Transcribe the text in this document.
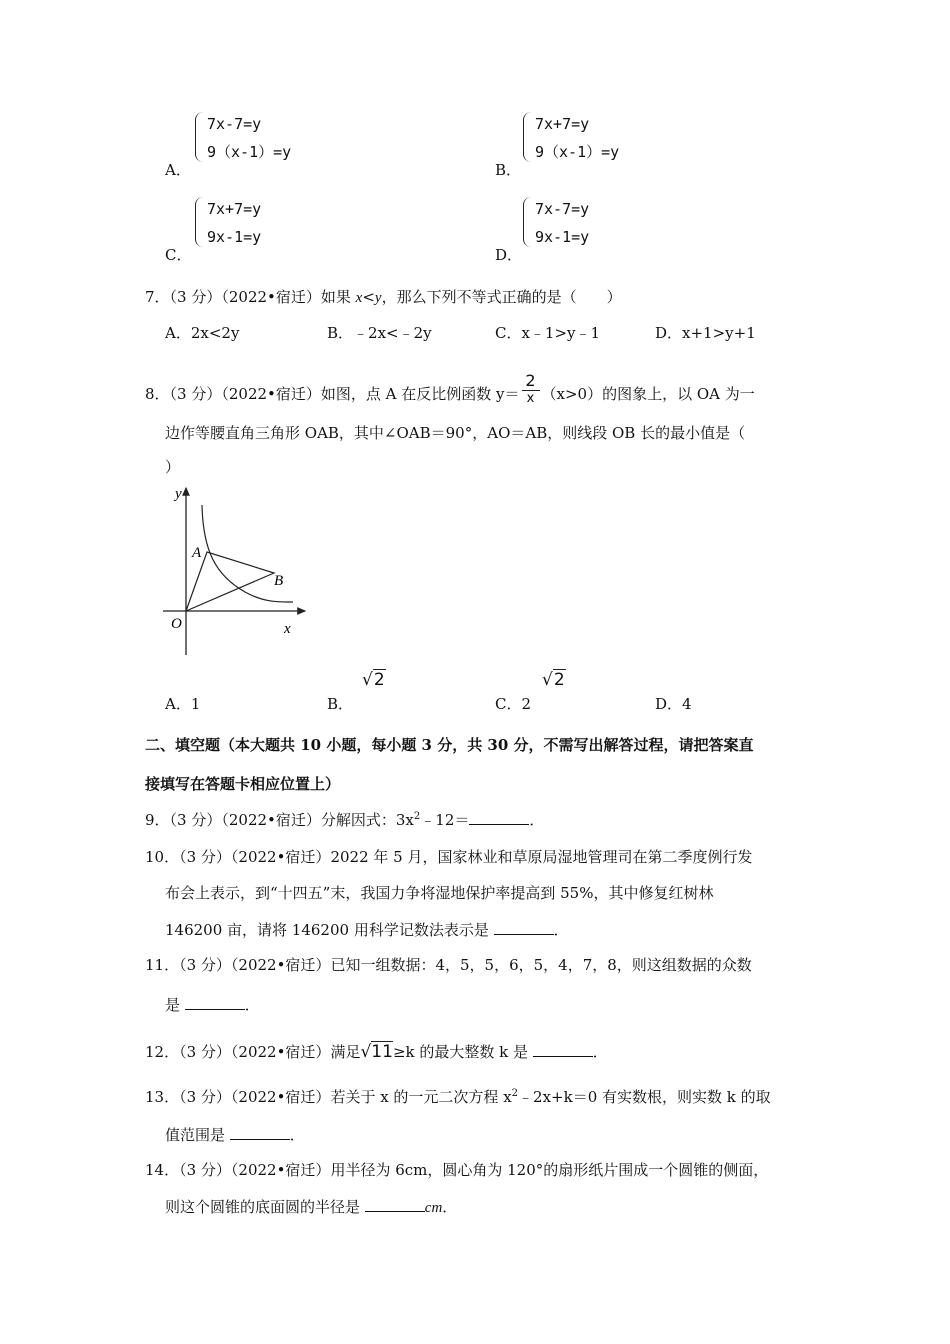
7x-7=y
9（x-1）=y
A．
7x+7=y
9（x-1）=y
B．
7x+7=y
9x-1=y
C．
7x-7=y
9x-1=y
D．
7．（3 分）（2022•宿迁）如果 x<y，那么下列不等式正确的是（　　）
A．2x<2y	B．﹣2x<﹣2y	C．x﹣1>y﹣1	D．x+1>y+1
8．（3 分）（2022•宿迁）如图，点 A 在反比例函数 $y= \frac{2}{x} (x>0)$的图象上，以 OA 为一
边作等腰直角三角形 OAB，其中∠OAB＝90°，AO＝AB，则线段 OB 长的最小值是（
）
y
x
O
A
B
A．1	B．
√2
C．2
√2
D．4
二、填空题（本大题共 10 小题，每小题 3 分，共 30 分，不需写出解答过程，请把答案直
接填写在答题卡相应位置上）
9．（3 分）（2022•宿迁）分解因式：$3x^2﹣12=$	．
10．（3 分）（2022•宿迁）2022 年 5 月，国家林业和草原局湿地管理司在第二季度例行发
布会上表示，到“十四五”末，我国力争将湿地保护率提高到 55%，其中修复红树林
146200 亩，请将 146200 用科学记数法表示是	．
11．（3 分）（2022•宿迁）已知一组数据：4，5，5，6，5，4，7，8，则这组数据的众数
是	．
12．（3 分）（2022•宿迁）满足√11≥k 的最大整数 k 是	．
13．（3 分）（2022•宿迁）若关于 x 的一元二次方程 $x^2﹣2x+k=0$ 有实数根，则实数 k 的取
值范围是	．
14．（3 分）（2022•宿迁）用半径为 6cm，圆心角为 120°的扇形纸片围成一个圆锥的侧面，
则这个圆锥的底面圆的半径是	cm．
